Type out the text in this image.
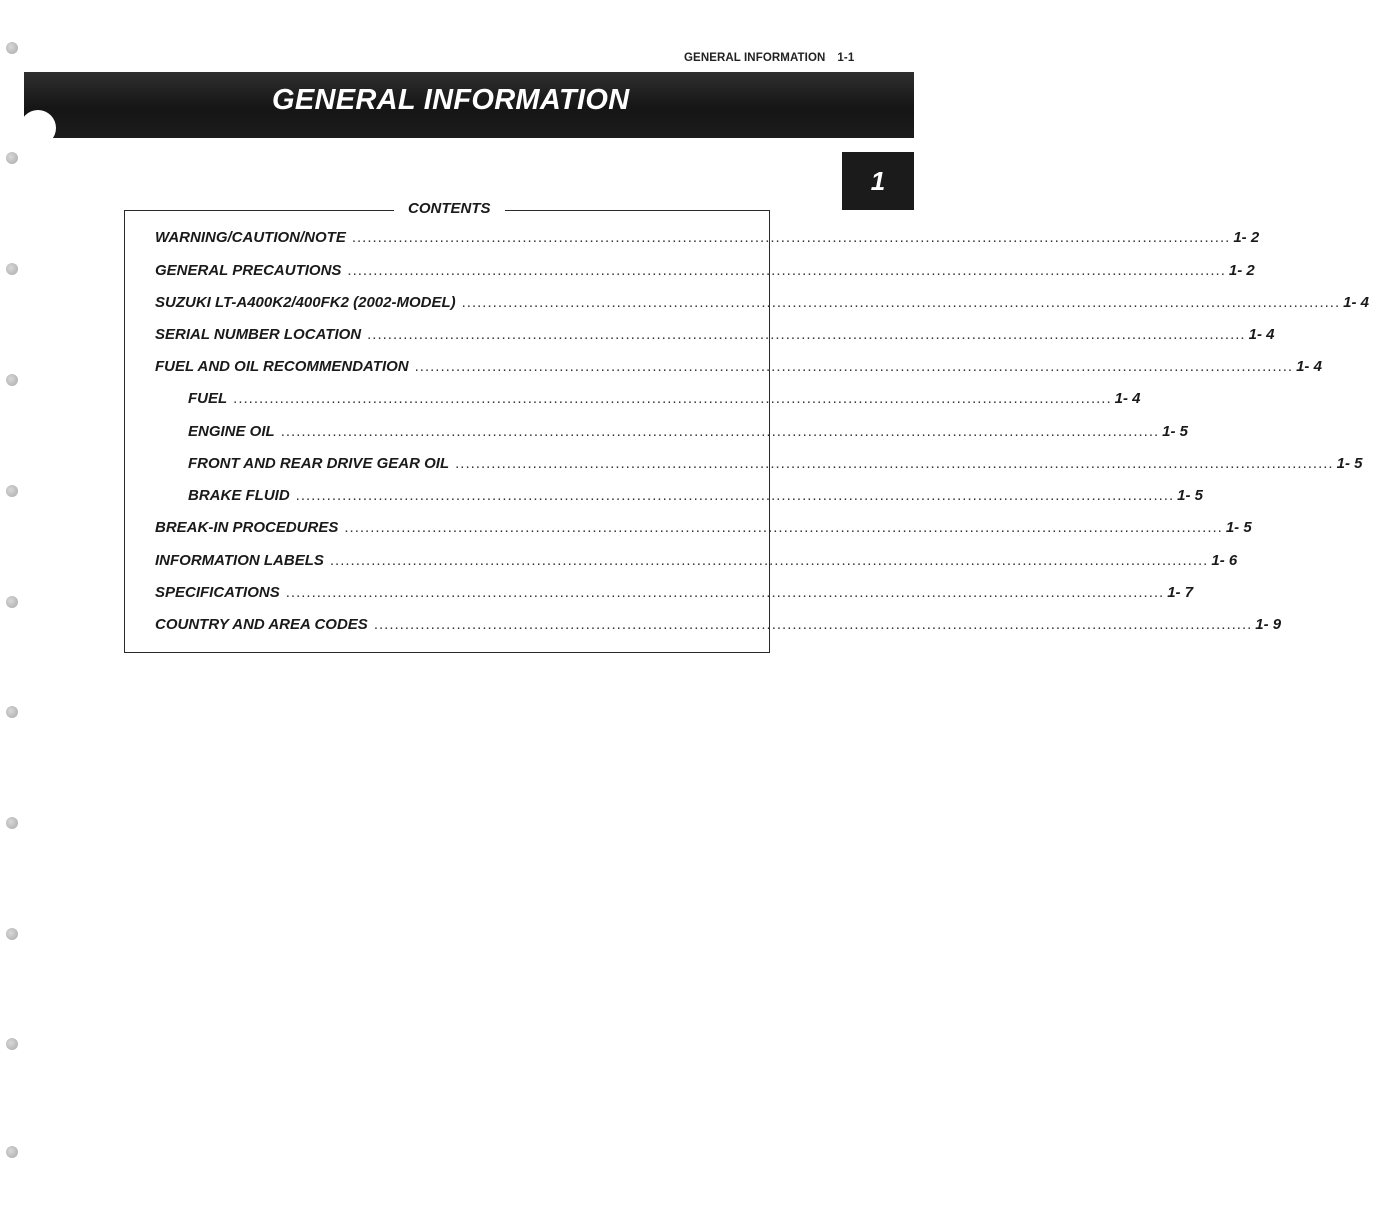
GENERAL INFORMATION 1-1
GENERAL INFORMATION
1
CONTENTS
WARNING/CAUTION/NOTE .......................................................................................................................................................................... 1- 2
GENERAL PRECAUTIONS .......................................................................................................................................................................... 1- 2
SUZUKI LT-A400K2/400FK2 (2002-MODEL) .......................................................................................................................................................................... 1- 4
SERIAL NUMBER LOCATION .......................................................................................................................................................................... 1- 4
FUEL AND OIL RECOMMENDATION .......................................................................................................................................................................... 1- 4
FUEL .......................................................................................................................................................................... 1- 4
ENGINE OIL .......................................................................................................................................................................... 1- 5
FRONT AND REAR DRIVE GEAR OIL .......................................................................................................................................................................... 1- 5
BRAKE FLUID .......................................................................................................................................................................... 1- 5
BREAK-IN PROCEDURES .......................................................................................................................................................................... 1- 5
INFORMATION LABELS .......................................................................................................................................................................... 1- 6
SPECIFICATIONS .......................................................................................................................................................................... 1- 7
COUNTRY AND AREA CODES .......................................................................................................................................................................... 1- 9
